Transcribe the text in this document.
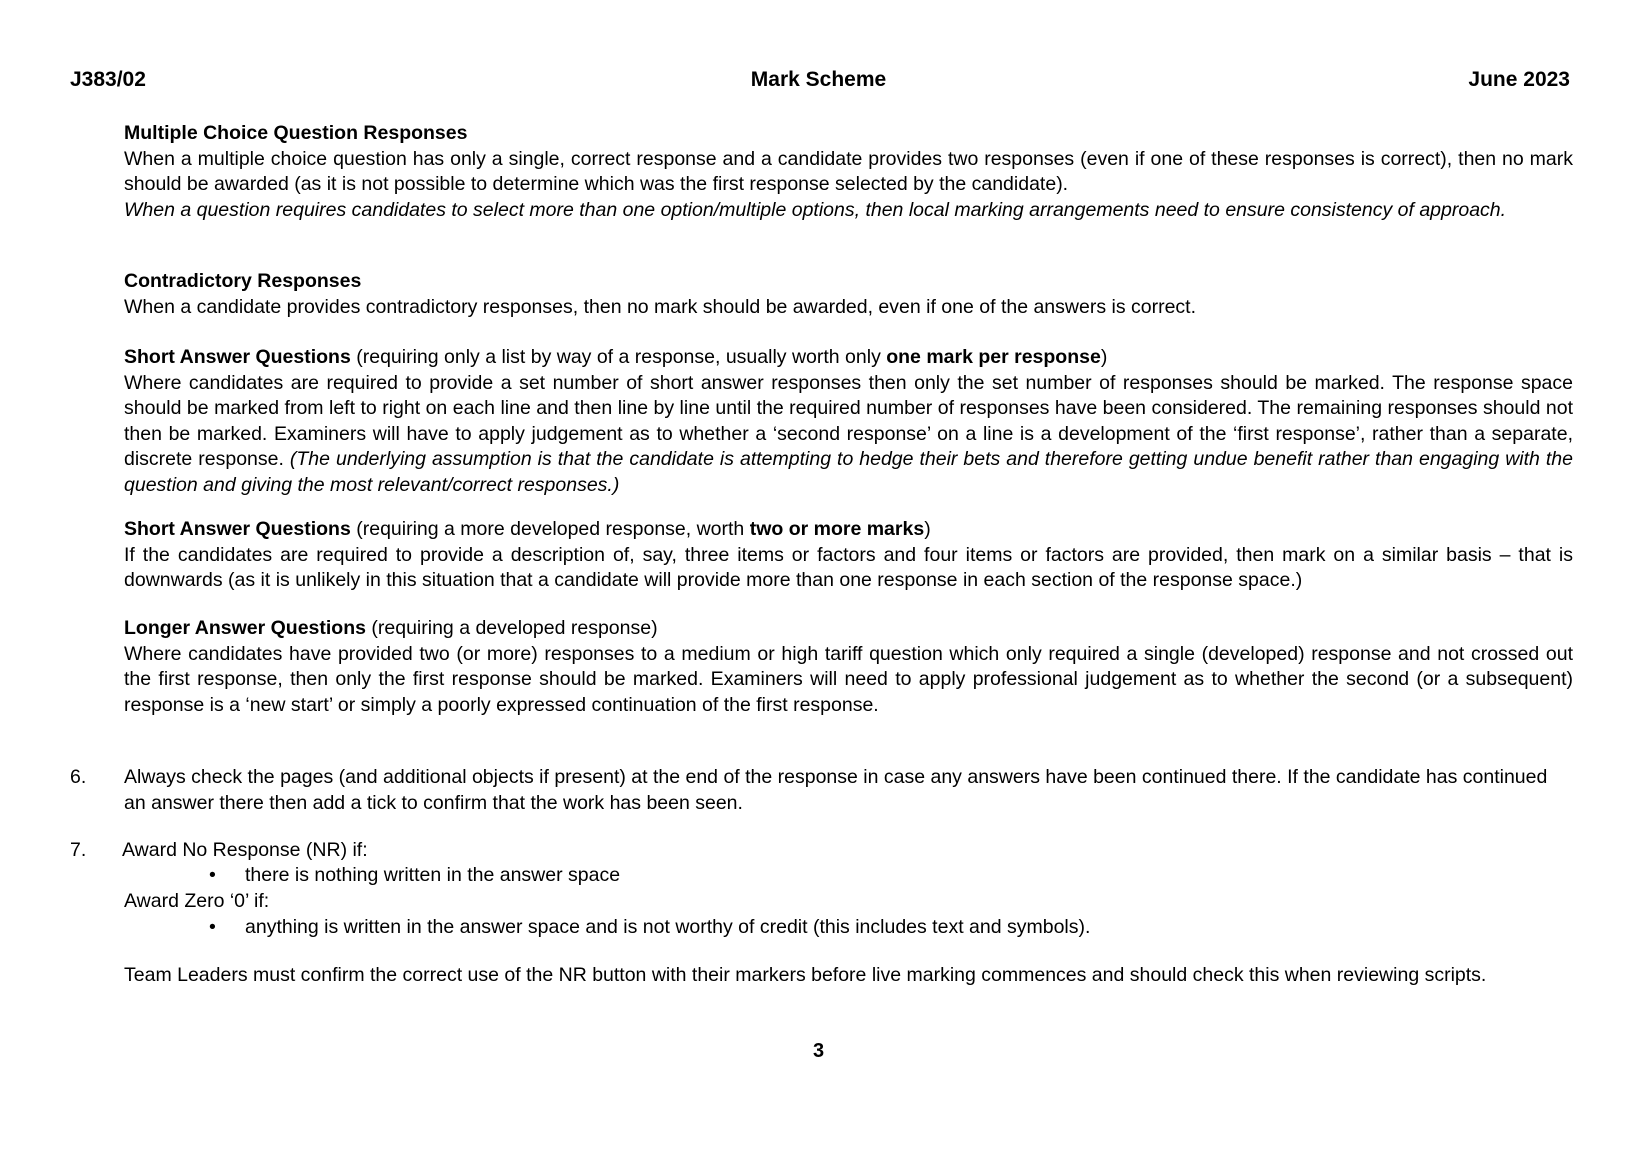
J383/02	Mark Scheme	June 2023
Multiple Choice Question Responses
When a multiple choice question has only a single, correct response and a candidate provides two responses (even if one of these responses is correct), then no mark should be awarded (as it is not possible to determine which was the first response selected by the candidate).
When a question requires candidates to select more than one option/multiple options, then local marking arrangements need to ensure consistency of approach.
Contradictory Responses
When a candidate provides contradictory responses, then no mark should be awarded, even if one of the answers is correct.
Short Answer Questions (requiring only a list by way of a response, usually worth only one mark per response)
Where candidates are required to provide a set number of short answer responses then only the set number of responses should be marked. The response space should be marked from left to right on each line and then line by line until the required number of responses have been considered. The remaining responses should not then be marked. Examiners will have to apply judgement as to whether a ‘second response’ on a line is a development of the ‘first response’, rather than a separate, discrete response. (The underlying assumption is that the candidate is attempting to hedge their bets and therefore getting undue benefit rather than engaging with the question and giving the most relevant/correct responses.)
Short Answer Questions (requiring a more developed response, worth two or more marks)
If the candidates are required to provide a description of, say, three items or factors and four items or factors are provided, then mark on a similar basis – that is downwards (as it is unlikely in this situation that a candidate will provide more than one response in each section of the response space.)
Longer Answer Questions (requiring a developed response)
Where candidates have provided two (or more) responses to a medium or high tariff question which only required a single (developed) response and not crossed out the first response, then only the first response should be marked. Examiners will need to apply professional judgement as to whether the second (or a subsequent) response is a ‘new start’ or simply a poorly expressed continuation of the first response.
6. Always check the pages (and additional objects if present) at the end of the response in case any answers have been continued there. If the candidate has continued an answer there then add a tick to confirm that the work has been seen.
7. Award No Response (NR) if:
• there is nothing written in the answer space
Award Zero ‘0’ if:
• anything is written in the answer space and is not worthy of credit (this includes text and symbols).
Team Leaders must confirm the correct use of the NR button with their markers before live marking commences and should check this when reviewing scripts.
3
